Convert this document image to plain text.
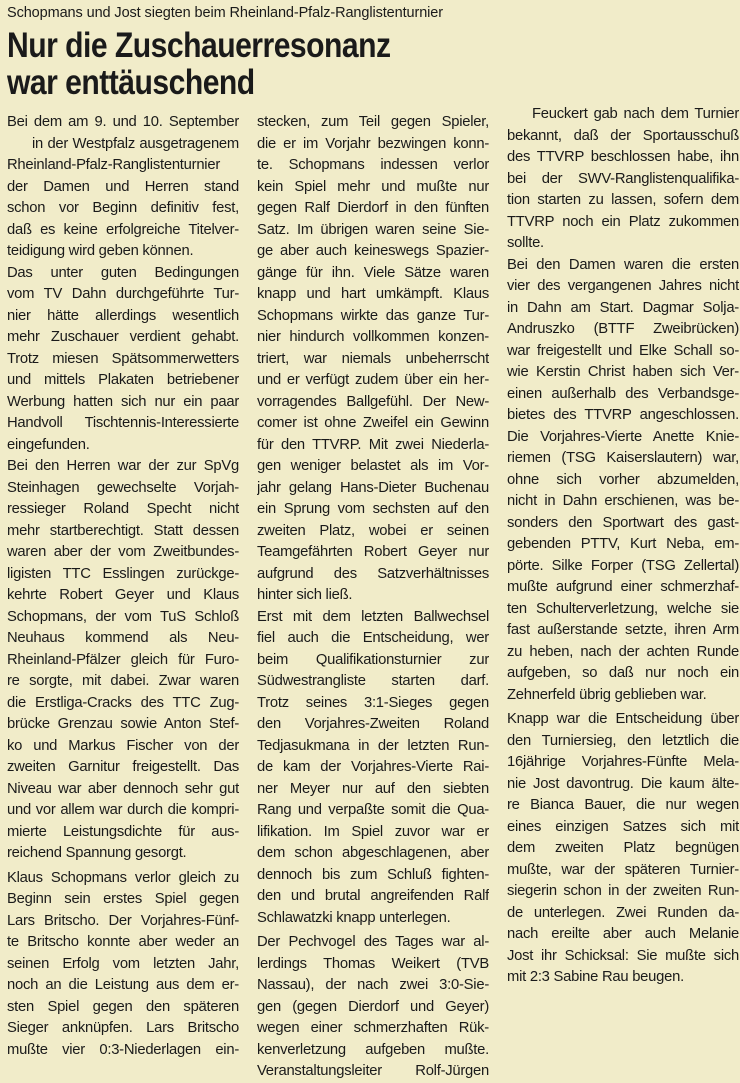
Schopmans und Jost siegten beim Rheinland-Pfalz-Ranglistenturnier
Nur die Zuschauerresonanz
war enttäuschend
Bei dem am 9. und 10. September
in der Westpfalz ausgetragenem
Rheinland-Pfalz-Ranglistenturnier
der Damen und Herren stand
schon vor Beginn definitiv fest,
daß es keine erfolgreiche Titelver-
teidigung wird geben können.
Das unter guten Bedingungen
vom TV Dahn durchgeführte Tur-
nier hätte allerdings wesentlich
mehr Zuschauer verdient gehabt.
Trotz miesen Spätsommerwetters
und mittels Plakaten betriebener
Werbung hatten sich nur ein paar
Handvoll Tischtennis-Interessierte
eingefunden.
Bei den Herren war der zur SpVg
Steinhagen gewechselte Vorjah-
ressieger Roland Specht nicht
mehr startberechtigt. Statt dessen
waren aber der vom Zweitbundes-
ligisten TTC Esslingen zurückge-
kehrte Robert Geyer und Klaus
Schopmans, der vom TuS Schloß
Neuhaus kommend als Neu-
Rheinland-Pfälzer gleich für Furo-
re sorgte, mit dabei. Zwar waren
die Erstliga-Cracks des TTC Zug-
brücke Grenzau sowie Anton Stef-
ko und Markus Fischer von der
zweiten Garnitur freigestellt. Das
Niveau war aber dennoch sehr gut
und vor allem war durch die kompri-
mierte Leistungsdichte für aus-
reichend Spannung gesorgt.
Klaus Schopmans verlor gleich zu
Beginn sein erstes Spiel gegen
Lars Britscho. Der Vorjahres-Fünf-
te Britscho konnte aber weder an
seinen Erfolg vom letzten Jahr,
noch an die Leistung aus dem er-
sten Spiel gegen den späteren
Sieger anknüpfen. Lars Britscho
mußte vier 0:3-Niederlagen ein-
stecken, zum Teil gegen Spieler,
die er im Vorjahr bezwingen konn-
te. Schopmans indessen verlor
kein Spiel mehr und mußte nur
gegen Ralf Dierdorf in den fünften
Satz. Im übrigen waren seine Sie-
ge aber auch keineswegs Spazier-
gänge für ihn. Viele Sätze waren
knapp und hart umkämpft. Klaus
Schopmans wirkte das ganze Tur-
nier hindurch vollkommen konzen-
triert, war niemals unbeherrscht
und er verfügt zudem über ein her-
vorragendes Ballgefühl. Der New-
comer ist ohne Zweifel ein Gewinn
für den TTVRP. Mit zwei Niederla-
gen weniger belastet als im Vor-
jahr gelang Hans-Dieter Buchenau
ein Sprung vom sechsten auf den
zweiten Platz, wobei er seinen
Teamgefährten Robert Geyer nur
aufgrund des Satzverhältnisses
hinter sich ließ.
Erst mit dem letzten Ballwechsel
fiel auch die Entscheidung, wer
beim Qualifikationsturnier zur
Südwestrangliste starten darf.
Trotz seines 3:1-Sieges gegen
den Vorjahres-Zweiten Roland
Tedjasukmana in der letzten Run-
de kam der Vorjahres-Vierte Rai-
ner Meyer nur auf den siebten
Rang und verpaßte somit die Qua-
lifikation. Im Spiel zuvor war er
dem schon abgeschlagenen, aber
dennoch bis zum Schluß fighten-
den und brutal angreifenden Ralf
Schlawatzki knapp unterlegen.
Der Pechvogel des Tages war al-
lerdings Thomas Weikert (TVB
Nassau), der nach zwei 3:0-Sie-
gen (gegen Dierdorf und Geyer)
wegen einer schmerzhaften Rük-
kenverletzung aufgeben mußte.
Veranstaltungsleiter Rolf-Jürgen
Feuckert gab nach dem Turnier
bekannt, daß der Sportausschuß
des TTVRP beschlossen habe, ihn
bei der SWV-Ranglistenqualifika-
tion starten zu lassen, sofern dem
TTVRP noch ein Platz zukommen
sollte.
Bei den Damen waren die ersten
vier des vergangenen Jahres nicht
in Dahn am Start. Dagmar Solja-
Andruszko (BTTF Zweibrücken)
war freigestellt und Elke Schall so-
wie Kerstin Christ haben sich Ver-
einen außerhalb des Verbandsge-
bietes des TTVRP angeschlossen.
Die Vorjahres-Vierte Anette Knie-
riemen (TSG Kaiserslautern) war,
ohne sich vorher abzumelden,
nicht in Dahn erschienen, was be-
sonders den Sportwart des gast-
gebenden PTTV, Kurt Neba, em-
pörte. Silke Forper (TSG Zellertal)
mußte aufgrund einer schmerzhaf-
ten Schulterverletzung, welche sie
fast außerstande setzte, ihren Arm
zu heben, nach der achten Runde
aufgeben, so daß nur noch ein
Zehnerfeld übrig geblieben war.
Knapp war die Entscheidung über
den Turniersieg, den letztlich die
16jährige Vorjahres-Fünfte Mela-
nie Jost davontrug. Die kaum älte-
re Bianca Bauer, die nur wegen
eines einzigen Satzes sich mit
dem zweiten Platz begnügen
mußte, war der späteren Turnier-
siegerin schon in der zweiten Run-
de unterlegen. Zwei Runden da-
nach ereilte aber auch Melanie
Jost ihr Schicksal: Sie mußte sich
mit 2:3 Sabine Rau beugen.
